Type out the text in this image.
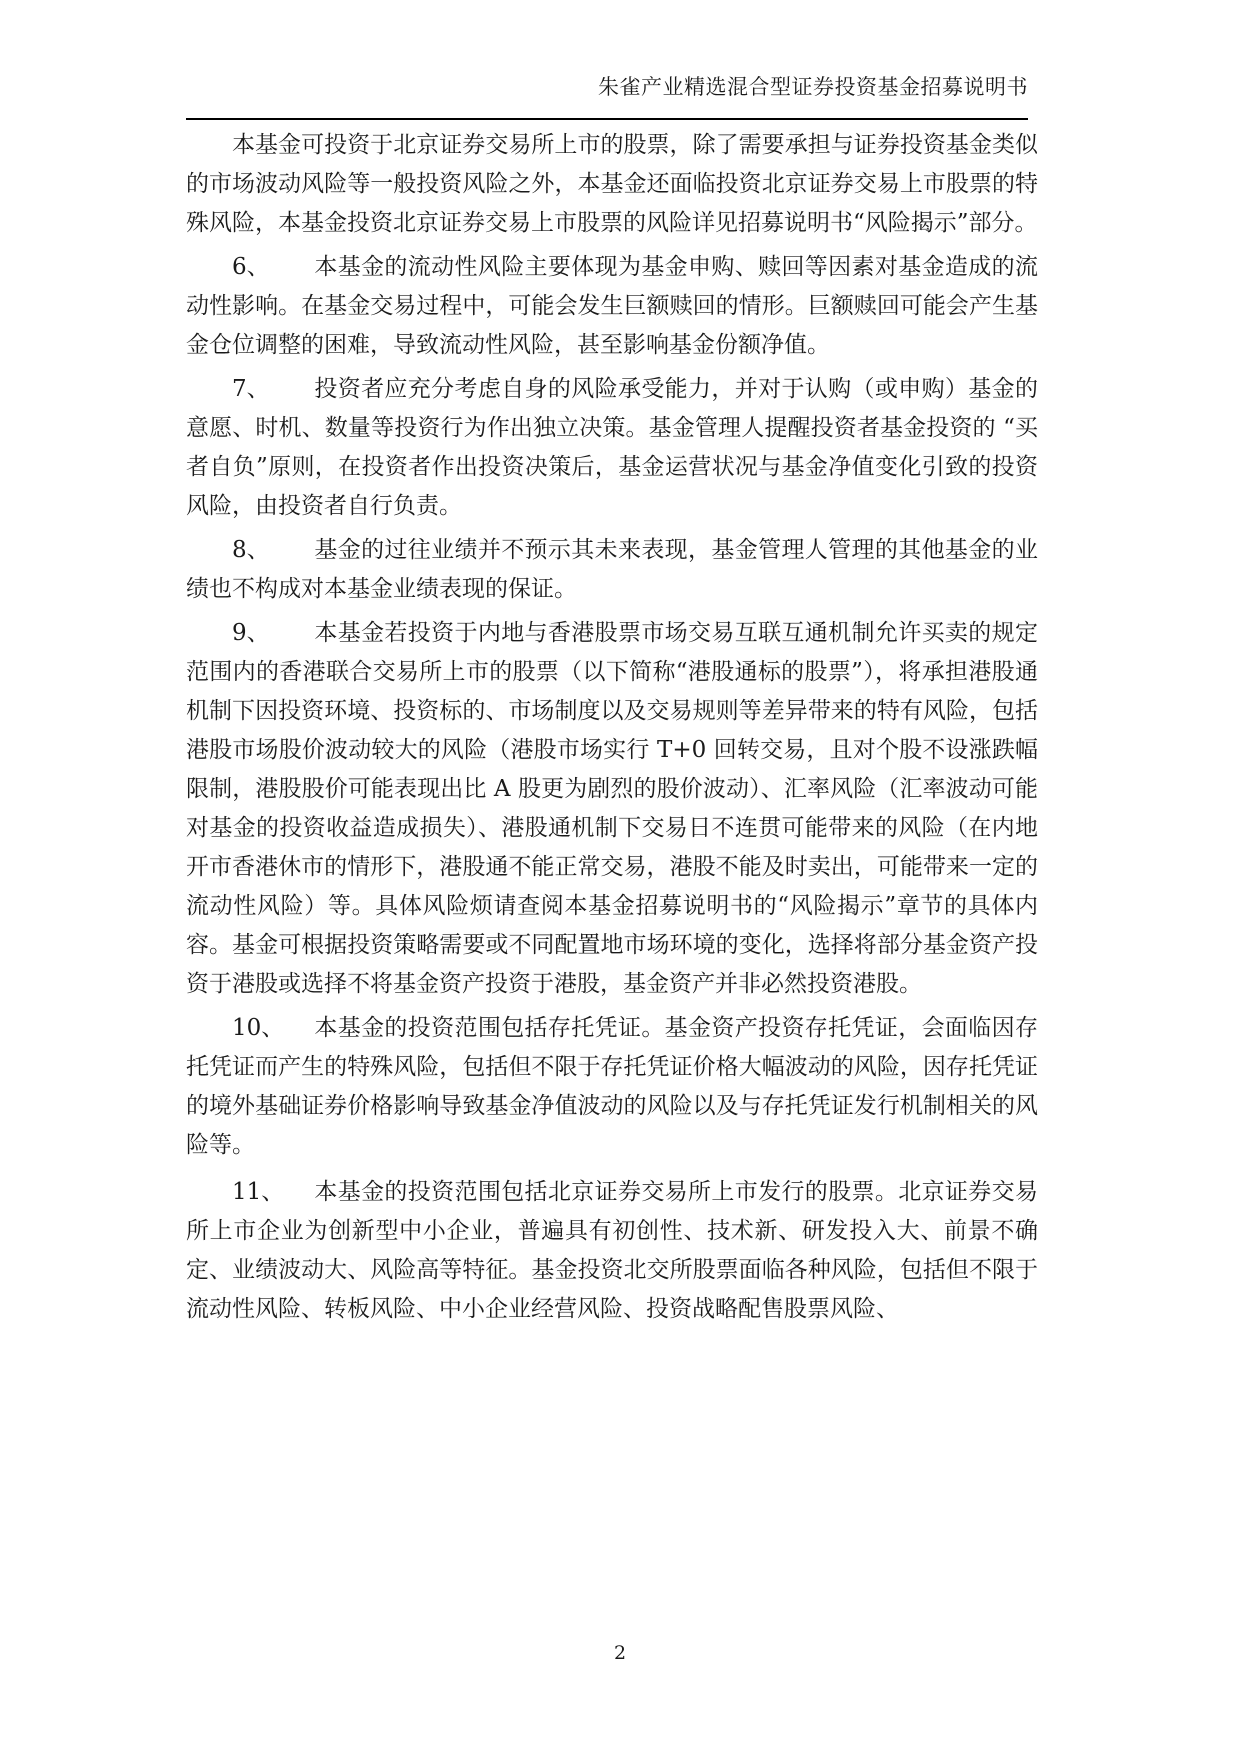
朱雀产业精选混合型证券投资基金招募说明书

本基金可投资于北京证券交易所上市的股票，除了需要承担与证券投资基金类似的市场波动风险等一般投资风险之外，本基金还面临投资北京证券交易上市股票的特殊风险，本基金投资北京证券交易上市股票的风险详见招募说明书“风险揭示”部分。

6、 本基金的流动性风险主要体现为基金申购、赎回等因素对基金造成的流动性影响。在基金交易过程中，可能会发生巨额赎回的情形。巨额赎回可能会产生基金仓位调整的困难，导致流动性风险，甚至影响基金份额净值。

7、 投资者应充分考虑自身的风险承受能力，并对于认购（或申购）基金的意愿、时机、数量等投资行为作出独立决策。基金管理人提醒投资者基金投资的 “买者自负”原则，在投资者作出投资决策后，基金运营状况与基金净值变化引致的投资风险，由投资者自行负责。

8、 基金的过往业绩并不预示其未来表现，基金管理人管理的其他基金的业绩也不构成对本基金业绩表现的保证。

9、 本基金若投资于内地与香港股票市场交易互联互通机制允许买卖的规定范围内的香港联合交易所上市的股票（以下简称“港股通标的股票”），将承担港股通机制下因投资环境、投资标的、市场制度以及交易规则等差异带来的特有风险，包括港股市场股价波动较大的风险（港股市场实行 T+0 回转交易，且对个股不设涨跌幅限制，港股股价可能表现出比 A 股更为剧烈的股价波动）、汇率风险（汇率波动可能对基金的投资收益造成损失）、港股通机制下交易日不连贯可能带来的风险（在内地开市香港休市的情形下，港股通不能正常交易，港股不能及时卖出，可能带来一定的流动性风险）等。具体风险烦请查阅本基金招募说明书的“风险揭示”章节的具体内容。基金可根据投资策略需要或不同配置地市场环境的变化，选择将部分基金资产投资于港股或选择不将基金资产投资于港股，基金资产并非必然投资港股。

10、 本基金的投资范围包括存托凭证。基金资产投资存托凭证，会面临因存托凭证而产生的特殊风险，包括但不限于存托凭证价格大幅波动的风险，因存托凭证的境外基础证券价格影响导致基金净值波动的风险以及与存托凭证发行机制相关的风险等。

11、 本基金的投资范围包括北京证券交易所上市发行的股票。北京证券交易所上市企业为创新型中小企业，普遍具有初创性、技术新、研发投入大、前景不确定、业绩波动大、风险高等特征。基金投资北交所股票面临各种风险，包括但不限于流动性风险、转板风险、中小企业经营风险、投资战略配售股票风险、

2
